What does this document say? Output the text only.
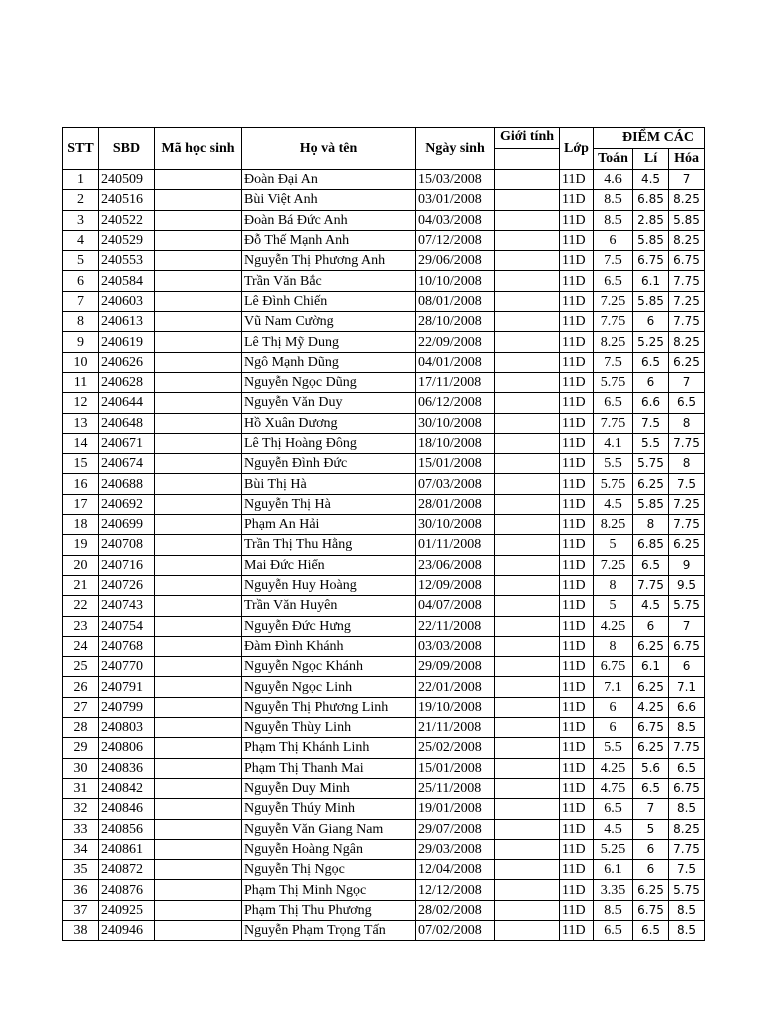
STT	SBD	Mã học sinh	Họ và tên	Ngày sinh	Giới tính	Lớp	ĐIỂM CÁC		
							Toán	Lí	Hóa
1	240509		Đoàn Đại An	15/03/2008		11D	4.6	4.5	7
2	240516		Bùi Việt Anh	03/01/2008		11D	8.5	6.85	8.25
3	240522		Đoàn Bá Đức Anh	04/03/2008		11D	8.5	2.85	5.85
4	240529		Đỗ Thế Mạnh Anh	07/12/2008		11D	6	5.85	8.25
5	240553		Nguyễn Thị Phương Anh	29/06/2008		11D	7.5	6.75	6.75
6	240584		Trần Văn Bắc	10/10/2008		11D	6.5	6.1	7.75
7	240603		Lê Đình Chiến	08/01/2008		11D	7.25	5.85	7.25
8	240613		Vũ Nam Cường	28/10/2008		11D	7.75	6	7.75
9	240619		Lê Thị Mỹ Dung	22/09/2008		11D	8.25	5.25	8.25
10	240626		Ngô Mạnh Dũng	04/01/2008		11D	7.5	6.5	6.25
11	240628		Nguyễn Ngọc Dũng	17/11/2008		11D	5.75	6	7
12	240644		Nguyễn Văn Duy	06/12/2008		11D	6.5	6.6	6.5
13	240648		Hồ Xuân Dương	30/10/2008		11D	7.75	7.5	8
14	240671		Lê Thị Hoàng Đông	18/10/2008		11D	4.1	5.5	7.75
15	240674		Nguyễn Đình Đức	15/01/2008		11D	5.5	5.75	8
16	240688		Bùi Thị Hà	07/03/2008		11D	5.75	6.25	7.5
17	240692		Nguyễn Thị Hà	28/01/2008		11D	4.5	5.85	7.25
18	240699		Phạm An Hải	30/10/2008		11D	8.25	8	7.75
19	240708		Trần Thị Thu Hằng	01/11/2008		11D	5	6.85	6.25
20	240716		Mai Đức Hiển	23/06/2008		11D	7.25	6.5	9
21	240726		Nguyễn Huy Hoàng	12/09/2008		11D	8	7.75	9.5
22	240743		Trần Văn Huyên	04/07/2008		11D	5	4.5	5.75
23	240754		Nguyễn Đức Hưng	22/11/2008		11D	4.25	6	7
24	240768		Đàm Đình Khánh	03/03/2008		11D	8	6.25	6.75
25	240770		Nguyễn Ngọc Khánh	29/09/2008		11D	6.75	6.1	6
26	240791		Nguyễn Ngọc Linh	22/01/2008		11D	7.1	6.25	7.1
27	240799		Nguyễn Thị Phương Linh	19/10/2008		11D	6	4.25	6.6
28	240803		Nguyễn Thùy Linh	21/11/2008		11D	6	6.75	8.5
29	240806		Phạm Thị Khánh Linh	25/02/2008		11D	5.5	6.25	7.75
30	240836		Phạm Thị Thanh Mai	15/01/2008		11D	4.25	5.6	6.5
31	240842		Nguyễn Duy Minh	25/11/2008		11D	4.75	6.5	6.75
32	240846		Nguyễn Thúy Minh	19/01/2008		11D	6.5	7	8.5
33	240856		Nguyễn Văn Giang Nam	29/07/2008		11D	4.5	5	8.25
34	240861		Nguyễn Hoàng Ngân	29/03/2008		11D	5.25	6	7.75
35	240872		Nguyễn Thị Ngọc	12/04/2008		11D	6.1	6	7.5
36	240876		Phạm Thị Minh Ngọc	12/12/2008		11D	3.35	6.25	5.75
37	240925		Phạm Thị Thu Phương	28/02/2008		11D	8.5	6.75	8.5
38	240946		Nguyễn Phạm Trọng Tấn	07/02/2008		11D	6.5	6.5	8.5
